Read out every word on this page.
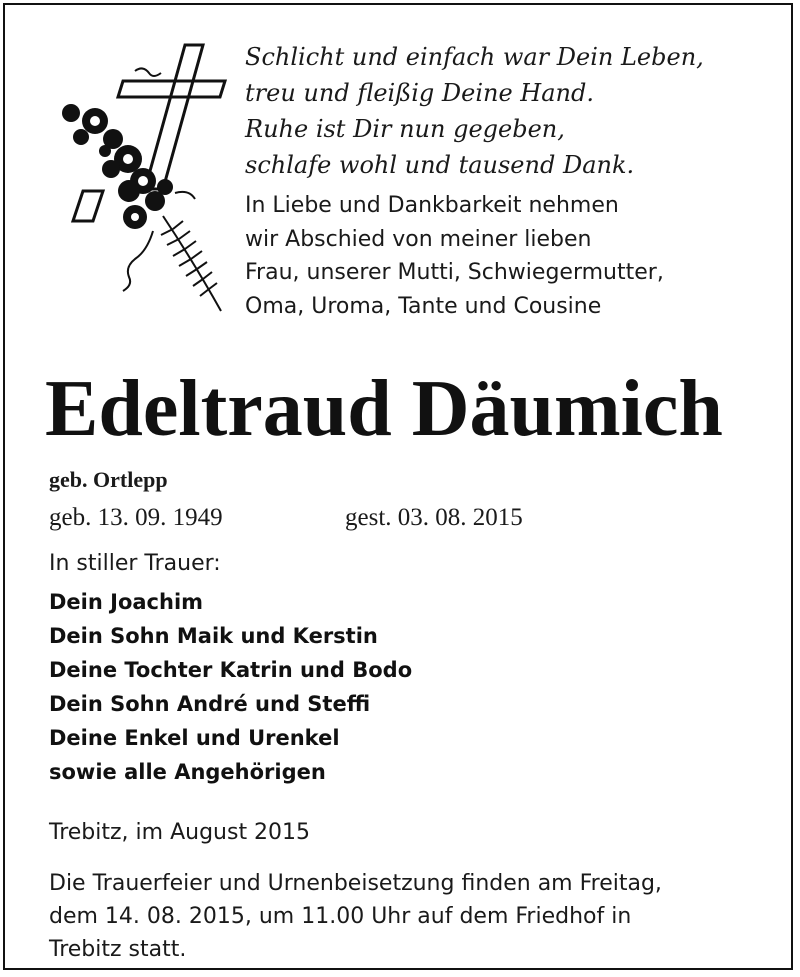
Schlicht und einfach war Dein Leben,
treu und fleißig Deine Hand.
Ruhe ist Dir nun gegeben,
schlafe wohl und tausend Dank.
In Liebe und Dankbarkeit nehmen
wir Abschied von meiner lieben
Frau, unserer Mutti, Schwiegermutter,
Oma, Uroma, Tante und Cousine
Edeltraud Däumich
geb. Ortlepp
geb. 13. 09. 1949	gest. 03. 08. 2015
In stiller Trauer:
Dein Joachim
Dein Sohn Maik und Kerstin
Deine Tochter Katrin und Bodo
Dein Sohn André und Steffi
Deine Enkel und Urenkel
sowie alle Angehörigen
Trebitz, im August 2015
Die Trauerfeier und Urnenbeisetzung finden am Freitag,
dem 14. 08. 2015, um 11.00 Uhr auf dem Friedhof in
Trebitz statt.
